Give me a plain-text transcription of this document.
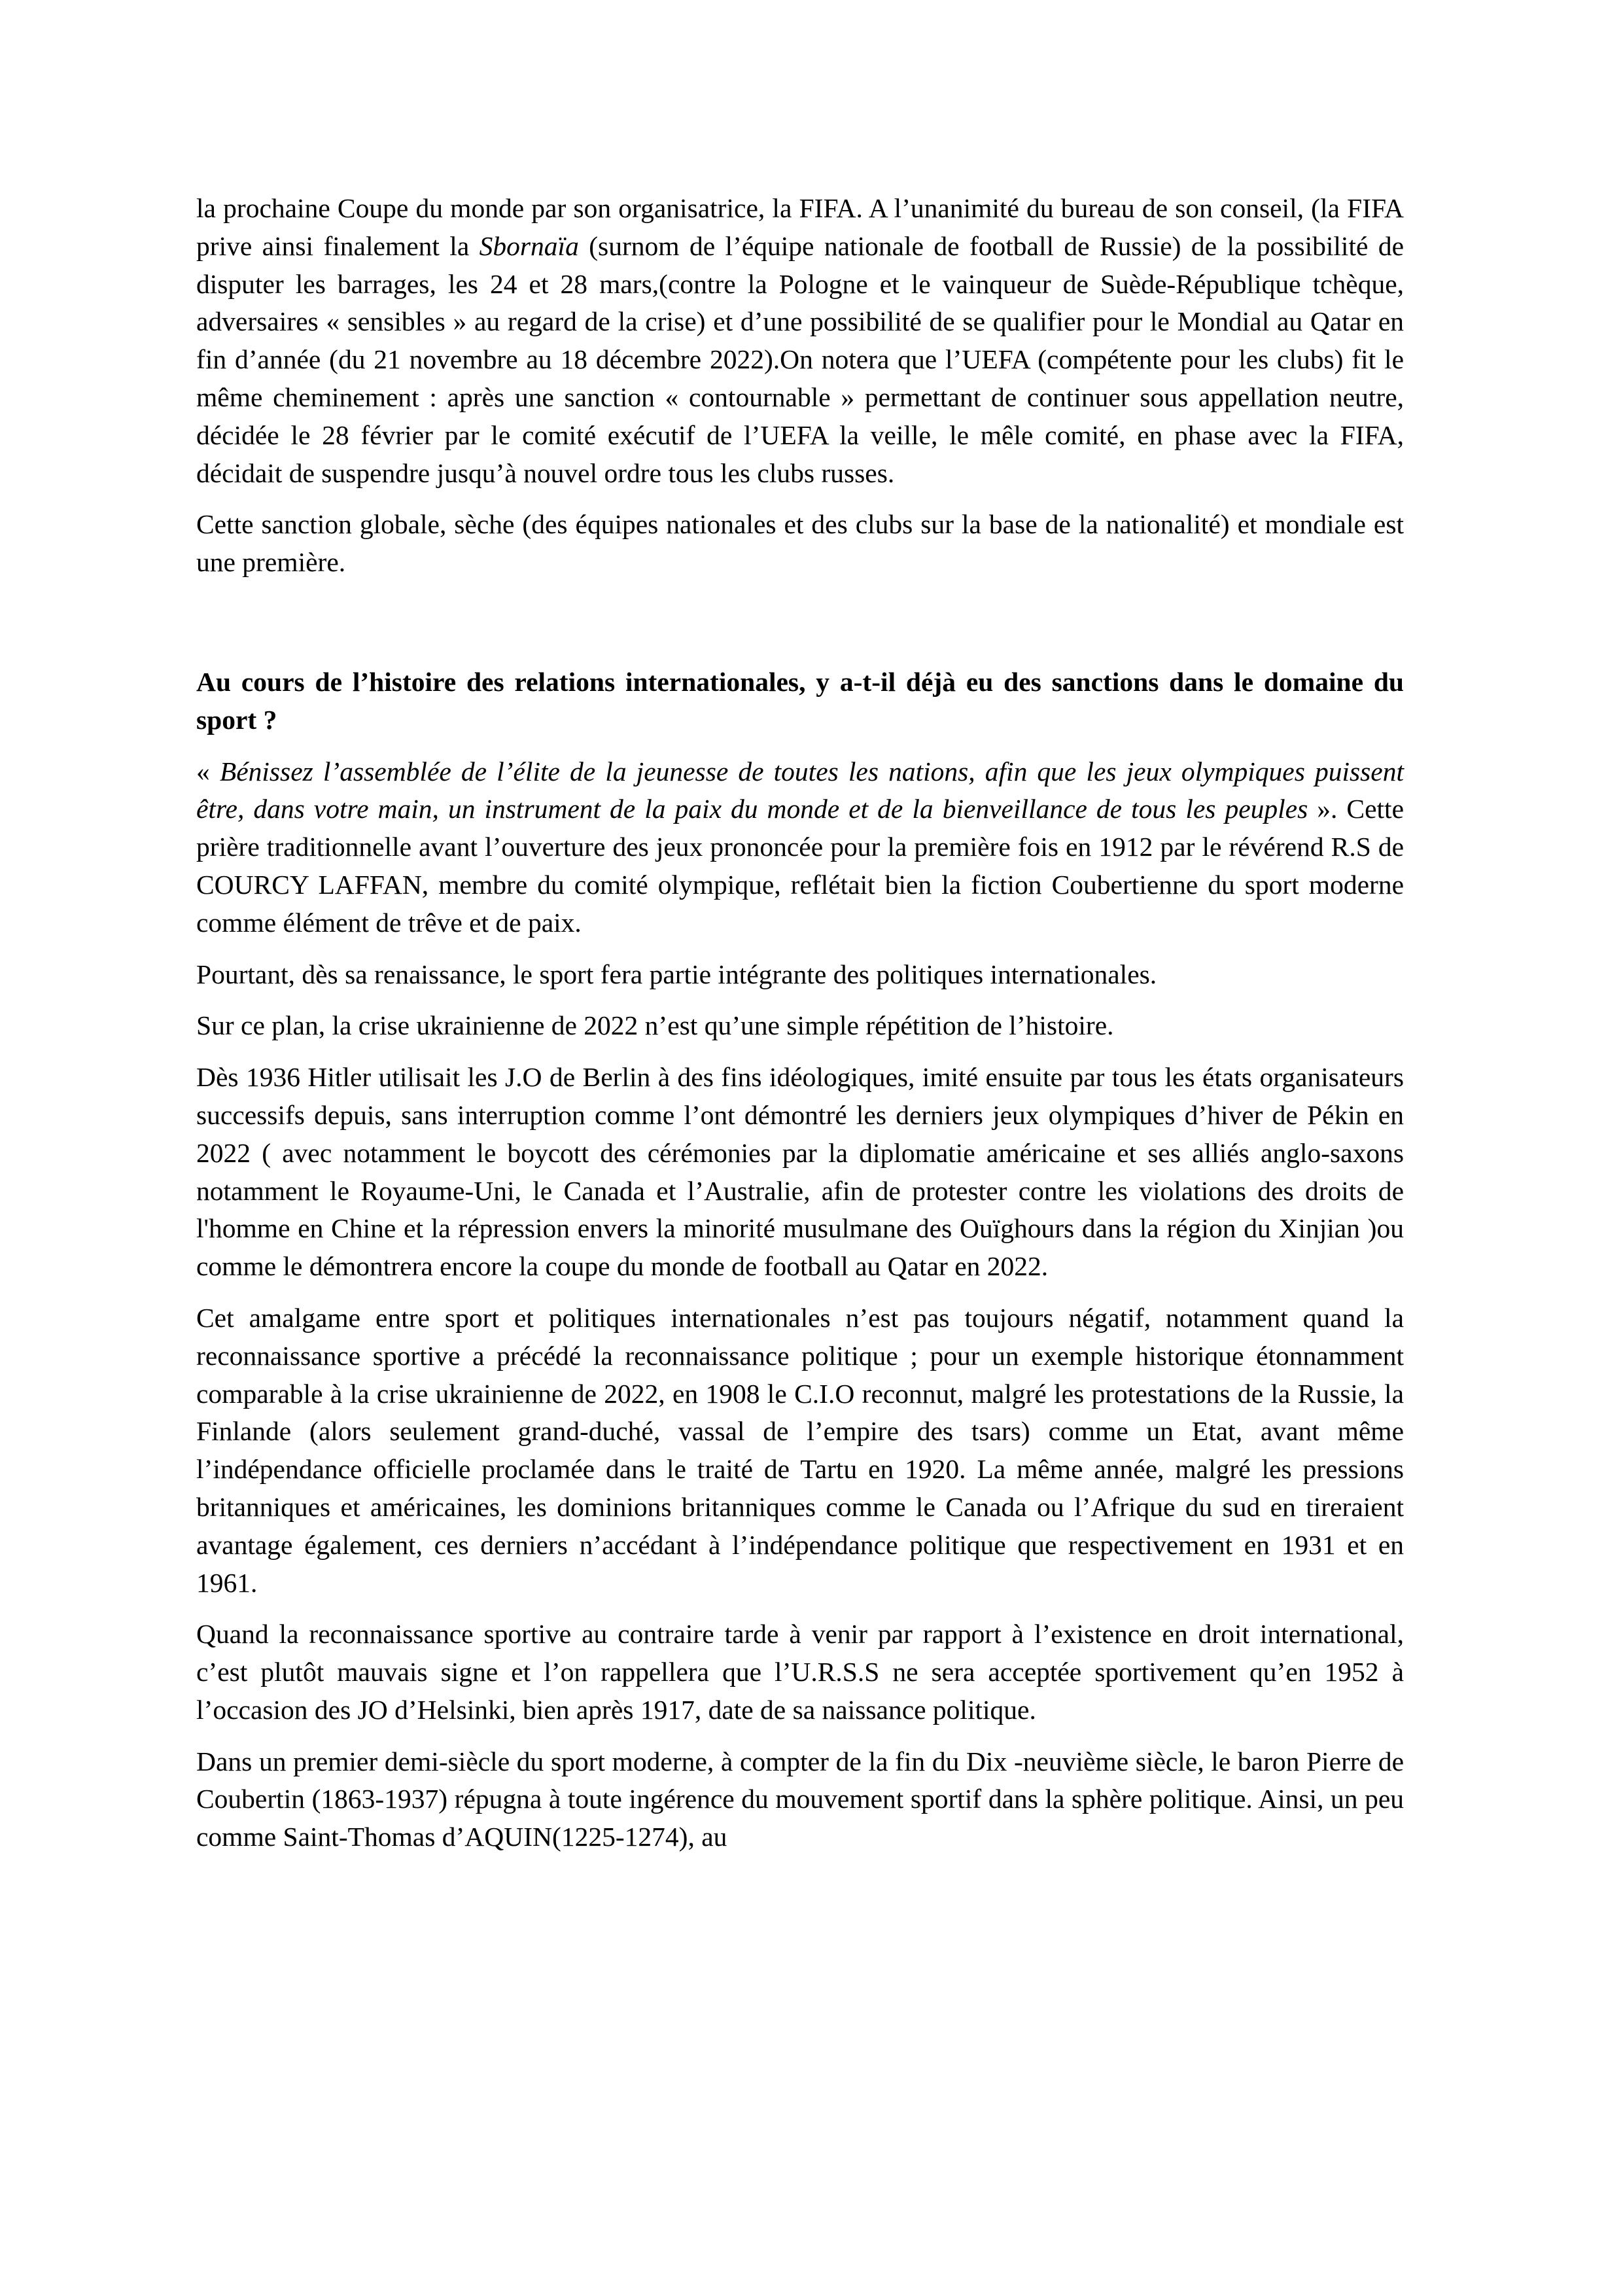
la prochaine Coupe du monde par son organisatrice, la FIFA. A l’unanimité du bureau de son conseil, (la FIFA prive ainsi finalement la Sbornaïa (surnom de l’équipe nationale de football de Russie) de la possibilité de disputer les barrages, les 24 et 28 mars,(contre la Pologne et le vainqueur de Suède-République tchèque, adversaires « sensibles » au regard de la crise) et d’une possibilité de se qualifier pour le Mondial au Qatar en fin d’année (du 21 novembre au 18 décembre 2022).On notera que l’UEFA (compétente pour les clubs) fit le même cheminement : après une sanction « contournable » permettant de continuer sous appellation neutre, décidée le 28 février par le comité exécutif de l’UEFA la veille, le mêle comité, en phase avec la FIFA, décidait de suspendre jusqu’à nouvel ordre tous les clubs russes.

Cette sanction globale, sèche (des équipes nationales et des clubs sur la base de la nationalité) et mondiale est une première.

Au cours de l’histoire des relations internationales, y a-t-il déjà eu des sanctions dans le domaine du sport ?

« Bénissez l’assemblée de l’élite de la jeunesse de toutes les nations, afin que les jeux olympiques puissent être, dans votre main, un instrument de la paix du monde et de la bienveillance de tous les peuples ». Cette prière traditionnelle avant l’ouverture des jeux prononcée pour la première fois en 1912 par le révérend R.S de COURCY LAFFAN, membre du comité olympique, reflétait bien la fiction Coubertienne du sport moderne comme élément de trêve et de paix.

Pourtant, dès sa renaissance, le sport fera partie intégrante des politiques internationales.

Sur ce plan, la crise ukrainienne de 2022 n’est qu’une simple répétition de l’histoire.

Dès 1936 Hitler utilisait les J.O de Berlin à des fins idéologiques, imité ensuite par tous les états organisateurs successifs depuis, sans interruption comme l’ont démontré les derniers jeux olympiques d’hiver de Pékin en 2022 ( avec notamment le boycott des cérémonies par la diplomatie américaine et ses alliés anglo-saxons notamment le Royaume-Uni, le Canada et l’Australie, afin de protester contre les violations des droits de l'homme en Chine et la répression envers la minorité musulmane des Ouïghours dans la région du Xinjian )ou comme le démontrera encore la coupe du monde de football au Qatar en 2022.

Cet amalgame entre sport et politiques internationales n’est pas toujours négatif, notamment quand la reconnaissance sportive a précédé la reconnaissance politique ; pour un exemple historique étonnamment comparable à la crise ukrainienne de 2022, en 1908 le C.I.O reconnut, malgré les protestations de la Russie, la Finlande (alors seulement grand-duché, vassal de l’empire des tsars) comme un Etat, avant même l’indépendance officielle proclamée dans le traité de Tartu en 1920. La même année, malgré les pressions britanniques et américaines, les dominions britanniques comme le Canada ou l’Afrique du sud en tireraient avantage également, ces derniers n’accédant à l’indépendance politique que respectivement en 1931 et en 1961.

Quand la reconnaissance sportive au contraire tarde à venir par rapport à l’existence en droit international, c’est plutôt mauvais signe et l’on rappellera que l’U.R.S.S ne sera acceptée sportivement qu’en 1952 à l’occasion des JO d’Helsinki, bien après 1917, date de sa naissance politique.

Dans un premier demi-siècle du sport moderne, à compter de la fin du Dix -neuvième siècle, le baron Pierre de Coubertin (1863-1937) répugna à toute ingérence du mouvement sportif dans la sphère politique. Ainsi, un peu comme Saint-Thomas d’AQUIN(1225-1274), au
